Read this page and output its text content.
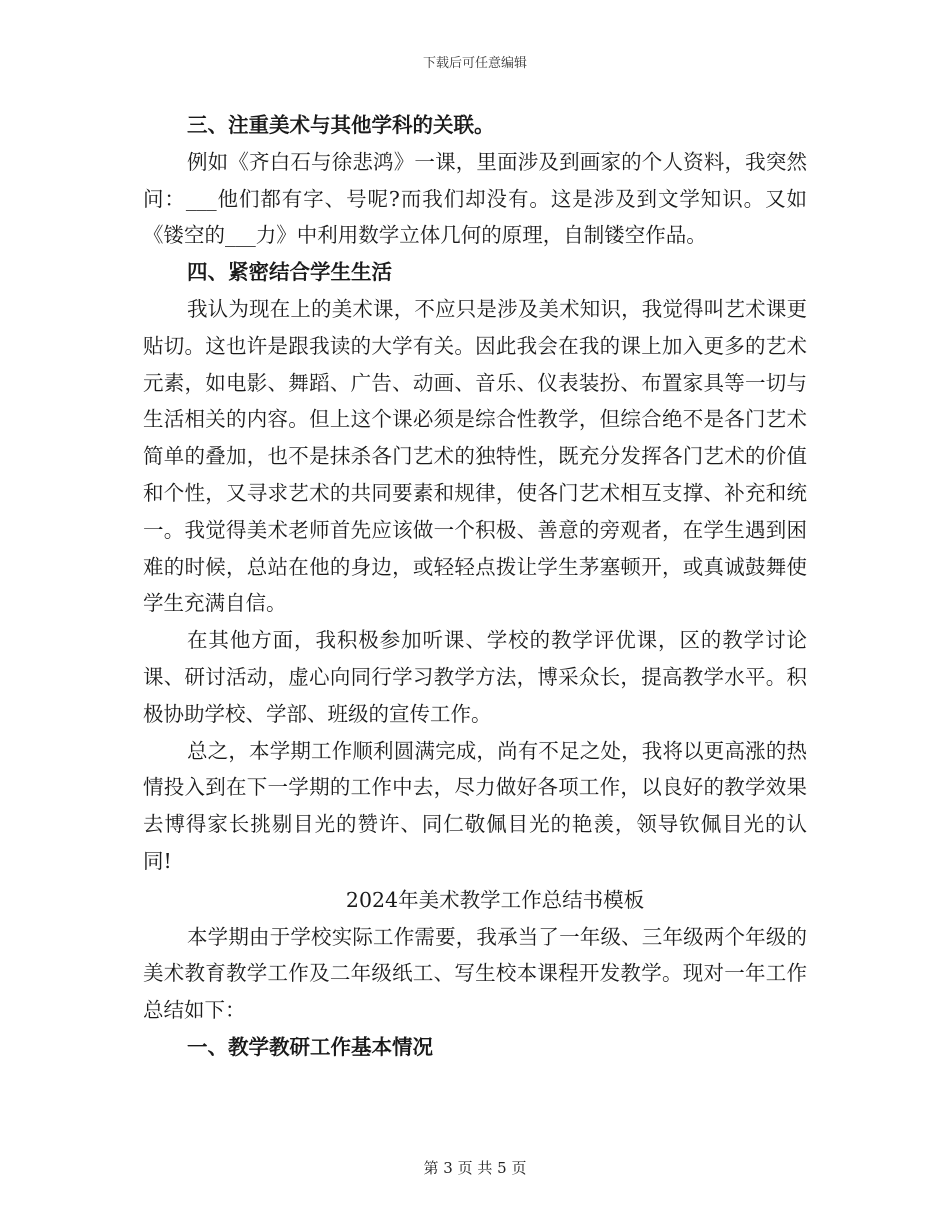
下载后可任意编辑

三、注重美术与其他学科的关联。

例如《齐白石与徐悲鸿》一课，里面涉及到画家的个人资料，我突然问：___他们都有字、号呢?而我们却没有。这是涉及到文学知识。又如《镂空的___力》中利用数学立体几何的原理，自制镂空作品。

四、紧密结合学生生活

我认为现在上的美术课，不应只是涉及美术知识，我觉得叫艺术课更贴切。这也许是跟我读的大学有关。因此我会在我的课上加入更多的艺术元素，如电影、舞蹈、广告、动画、音乐、仪表装扮、布置家具等一切与生活相关的内容。但上这个课必须是综合性教学，但综合绝不是各门艺术简单的叠加，也不是抹杀各门艺术的独特性，既充分发挥各门艺术的价值和个性，又寻求艺术的共同要素和规律，使各门艺术相互支撑、补充和统一。我觉得美术老师首先应该做一个积极、善意的旁观者，在学生遇到困难的时候，总站在他的身边，或轻轻点拨让学生茅塞顿开，或真诚鼓舞使学生充满自信。

在其他方面，我积极参加听课、学校的教学评优课，区的教学讨论课、研讨活动，虚心向同行学习教学方法，博采众长，提高教学水平。积极协助学校、学部、班级的宣传工作。

总之，本学期工作顺利圆满完成，尚有不足之处，我将以更高涨的热情投入到在下一学期的工作中去，尽力做好各项工作，以良好的教学效果去博得家长挑剔目光的赞许、同仁敬佩目光的艳羡，领导钦佩目光的认同!

2024年美术教学工作总结书模板

本学期由于学校实际工作需要，我承当了一年级、三年级两个年级的美术教育教学工作及二年级纸工、写生校本课程开发教学。现对一年工作总结如下：

一、教学教研工作基本情况

第 3 页 共 5 页
